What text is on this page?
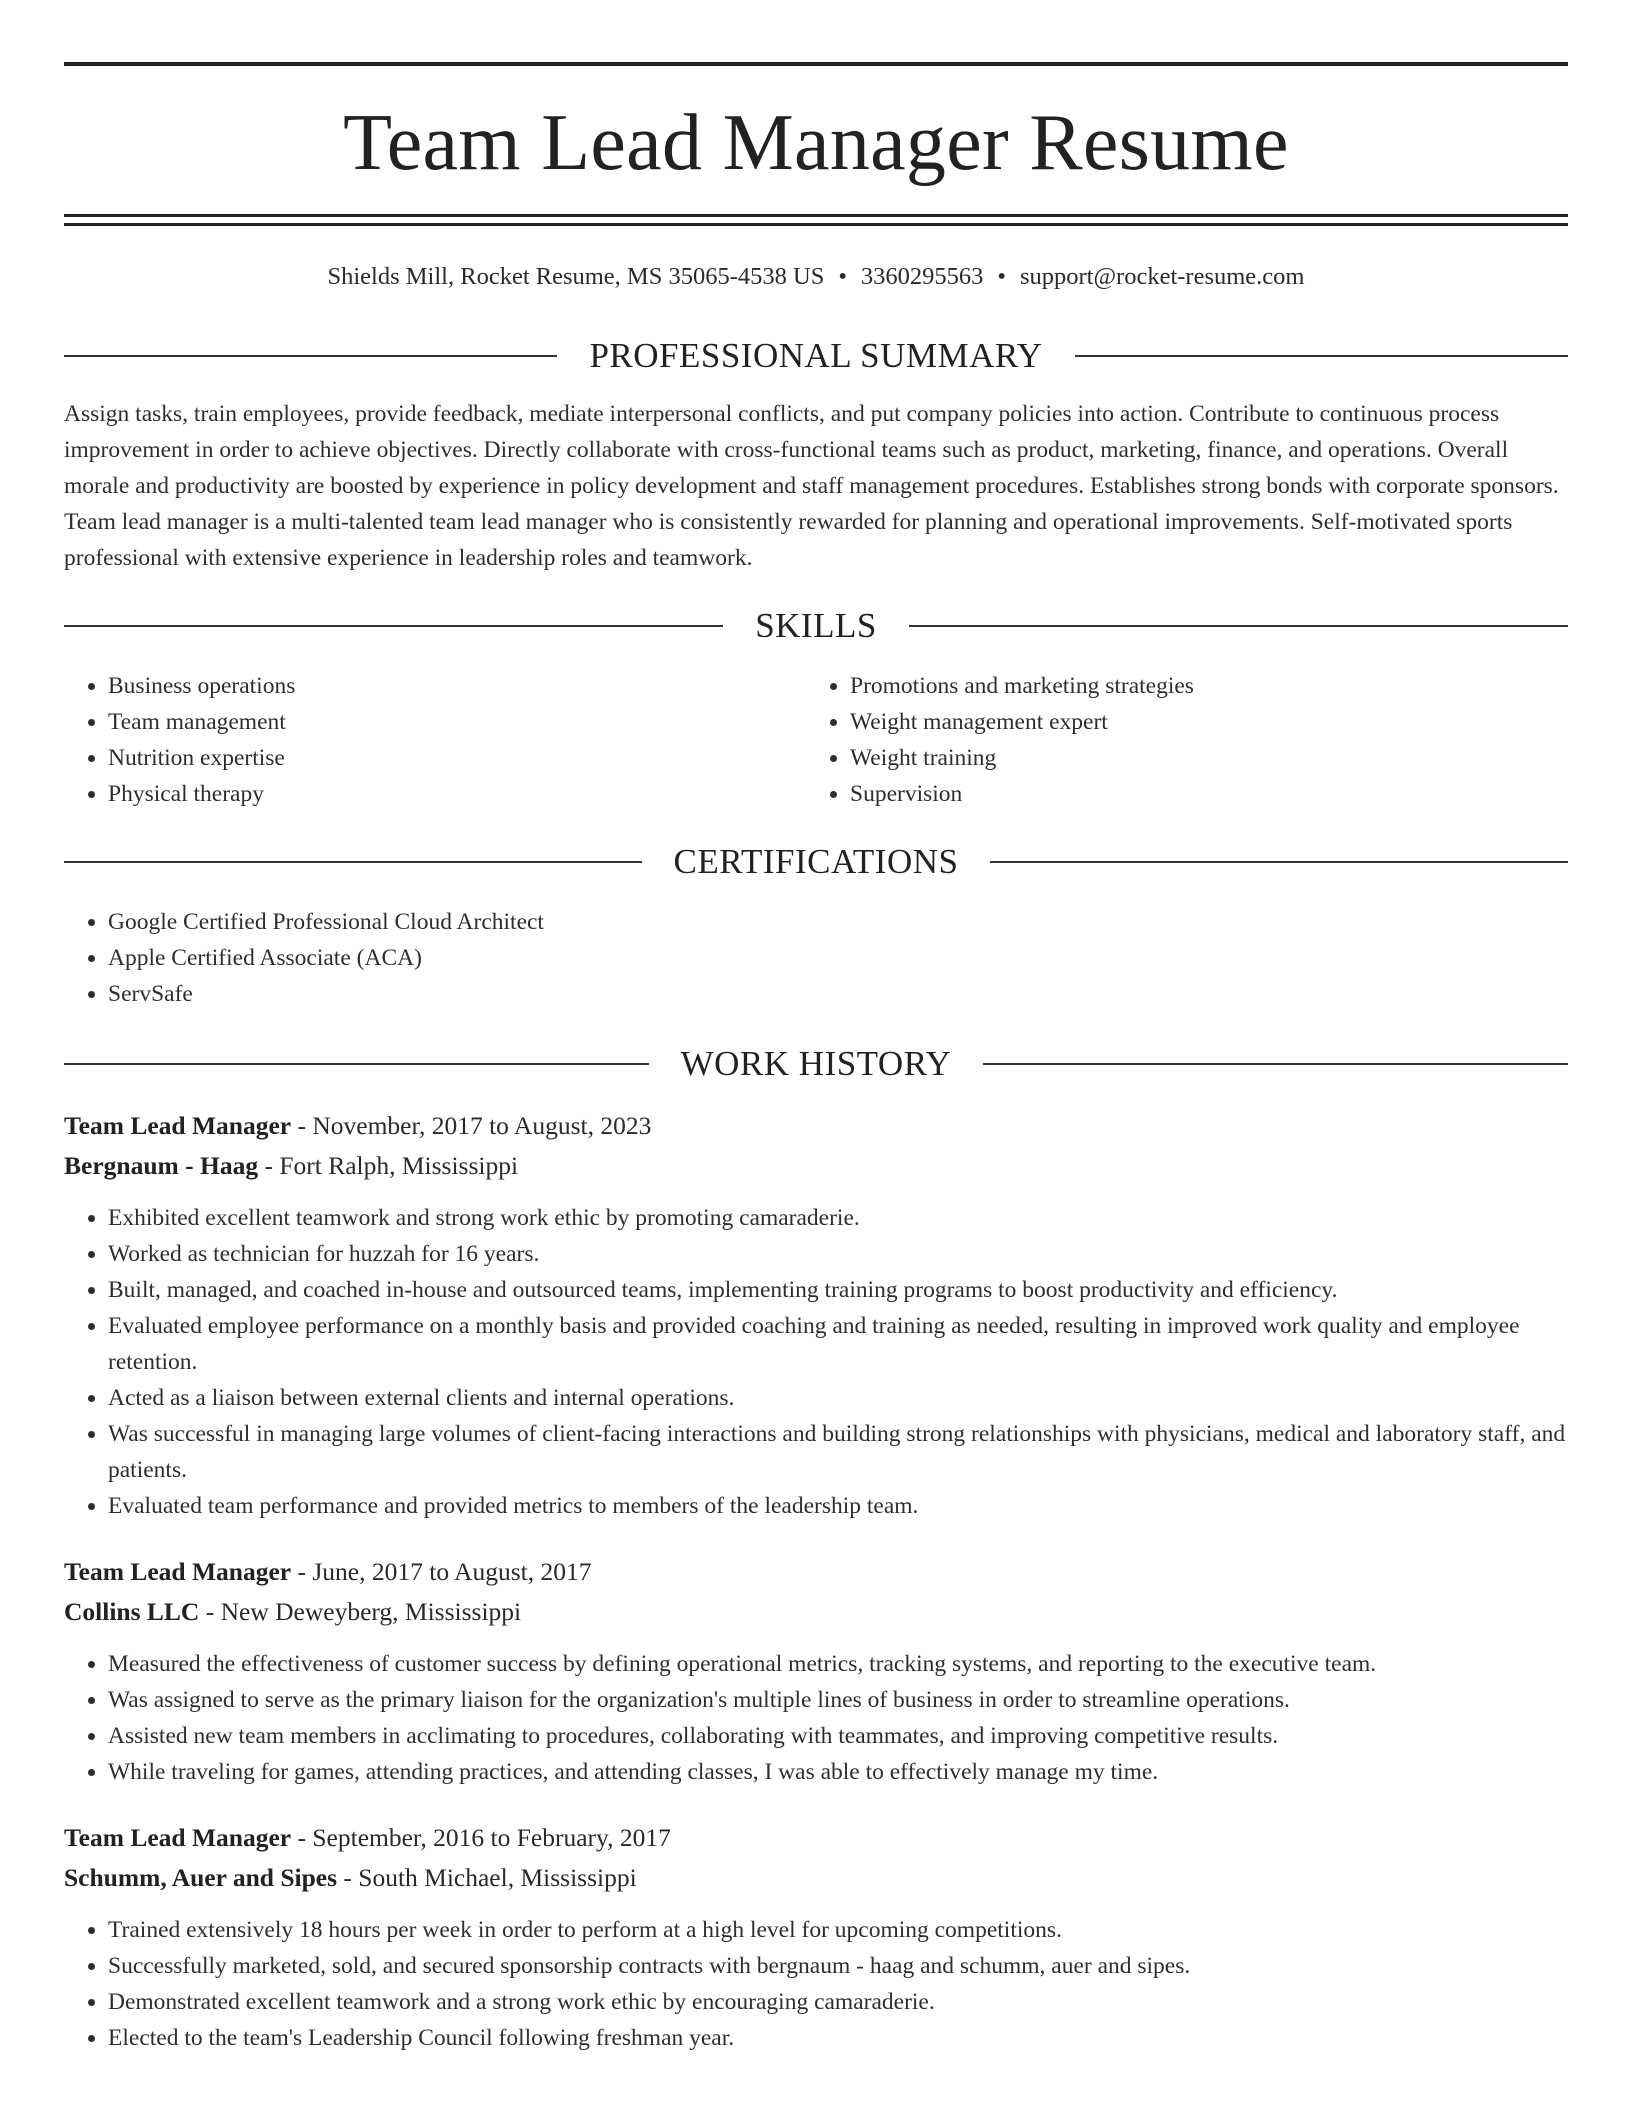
Team Lead Manager Resume
Shields Mill, Rocket Resume, MS 35065-4538 US • 3360295563 • support@rocket-resume.com
PROFESSIONAL SUMMARY
Assign tasks, train employees, provide feedback, mediate interpersonal conflicts, and put company policies into action. Contribute to continuous process improvement in order to achieve objectives. Directly collaborate with cross-functional teams such as product, marketing, finance, and operations. Overall morale and productivity are boosted by experience in policy development and staff management procedures. Establishes strong bonds with corporate sponsors. Team lead manager is a multi-talented team lead manager who is consistently rewarded for planning and operational improvements. Self-motivated sports professional with extensive experience in leadership roles and teamwork.
SKILLS
• Business operations
• Team management
• Nutrition expertise
• Physical therapy
• Promotions and marketing strategies
• Weight management expert
• Weight training
• Supervision
CERTIFICATIONS
• Google Certified Professional Cloud Architect
• Apple Certified Associate (ACA)
• ServSafe
WORK HISTORY
Team Lead Manager - November, 2017 to August, 2023
Bergnaum - Haag - Fort Ralph, Mississippi
• Exhibited excellent teamwork and strong work ethic by promoting camaraderie.
• Worked as technician for huzzah for 16 years.
• Built, managed, and coached in-house and outsourced teams, implementing training programs to boost productivity and efficiency.
• Evaluated employee performance on a monthly basis and provided coaching and training as needed, resulting in improved work quality and employee retention.
• Acted as a liaison between external clients and internal operations.
• Was successful in managing large volumes of client-facing interactions and building strong relationships with physicians, medical and laboratory staff, and patients.
• Evaluated team performance and provided metrics to members of the leadership team.
Team Lead Manager - June, 2017 to August, 2017
Collins LLC - New Deweyberg, Mississippi
• Measured the effectiveness of customer success by defining operational metrics, tracking systems, and reporting to the executive team.
• Was assigned to serve as the primary liaison for the organization's multiple lines of business in order to streamline operations.
• Assisted new team members in acclimating to procedures, collaborating with teammates, and improving competitive results.
• While traveling for games, attending practices, and attending classes, I was able to effectively manage my time.
Team Lead Manager - September, 2016 to February, 2017
Schumm, Auer and Sipes - South Michael, Mississippi
• Trained extensively 18 hours per week in order to perform at a high level for upcoming competitions.
• Successfully marketed, sold, and secured sponsorship contracts with bergnaum - haag and schumm, auer and sipes.
• Demonstrated excellent teamwork and a strong work ethic by encouraging camaraderie.
• Elected to the team's Leadership Council following freshman year.
